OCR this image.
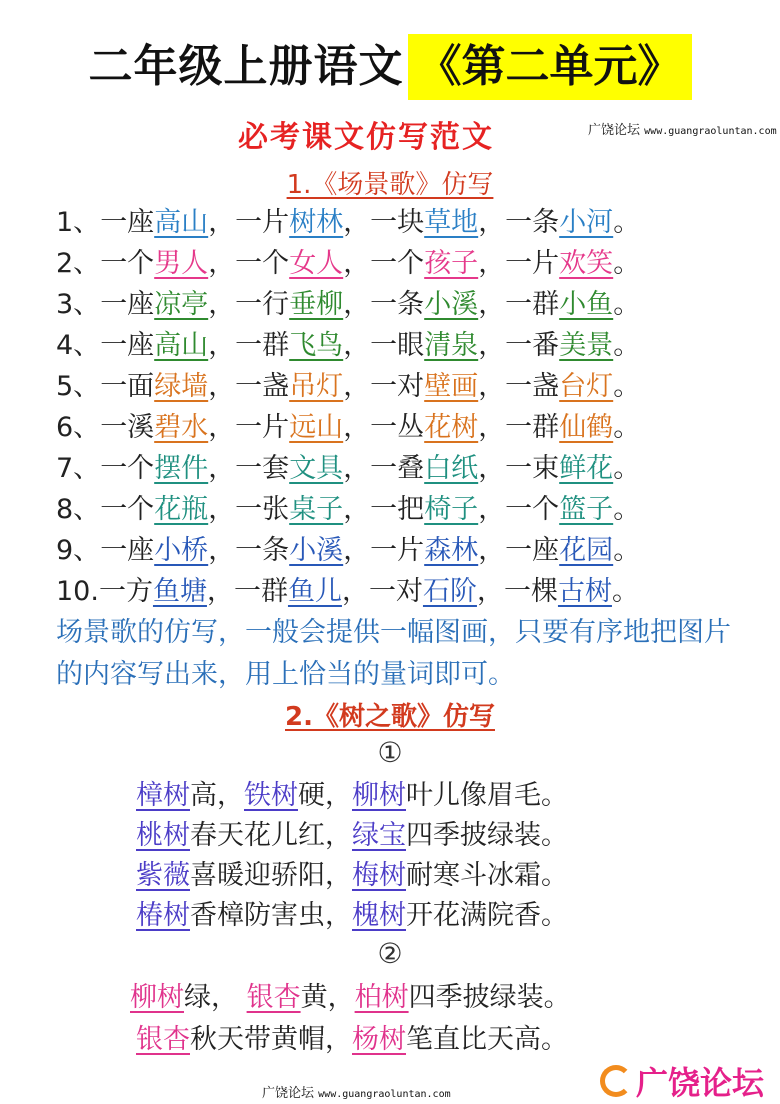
二年级上册语文 《第二单元》
必考课文仿写范文	广饶论坛 www.guangraoluntan.com
1.《场景歌》仿写
1、一座高山，一片树林，一块草地，一条小河。
2、一个男人，一个女人，一个孩子，一片欢笑。
3、一座凉亭，一行垂柳，一条小溪，一群小鱼。
4、一座高山，一群飞鸟，一眼清泉，一番美景。
5、一面绿墙，一盏吊灯，一对壁画，一盏台灯。
6、一溪碧水，一片远山，一丛花树，一群仙鹤。
7、一个摆件，一套文具，一叠白纸，一束鲜花。
8、一个花瓶，一张桌子，一把椅子，一个篮子。
9、一座小桥，一条小溪，一片森林，一座花园。
10.一方鱼塘，一群鱼儿，一对石阶，一棵古树。
场景歌的仿写，一般会提供一幅图画，只要有序地把图片的内容写出来，用上恰当的量词即可。
2.《树之歌》仿写
①
樟树高，铁树硬，柳树叶儿像眉毛。
桃树春天花儿红，绿宝四季披绿装。
紫薇喜暖迎骄阳，梅树耐寒斗冰霜。
椿树香樟防害虫，槐树开花满院香。
②
柳树绿， 银杏黄，柏树四季披绿装。
银杏秋天带黄帽，杨树笔直比天高。
广饶论坛 www.guangraoluntan.com	广饶论坛
